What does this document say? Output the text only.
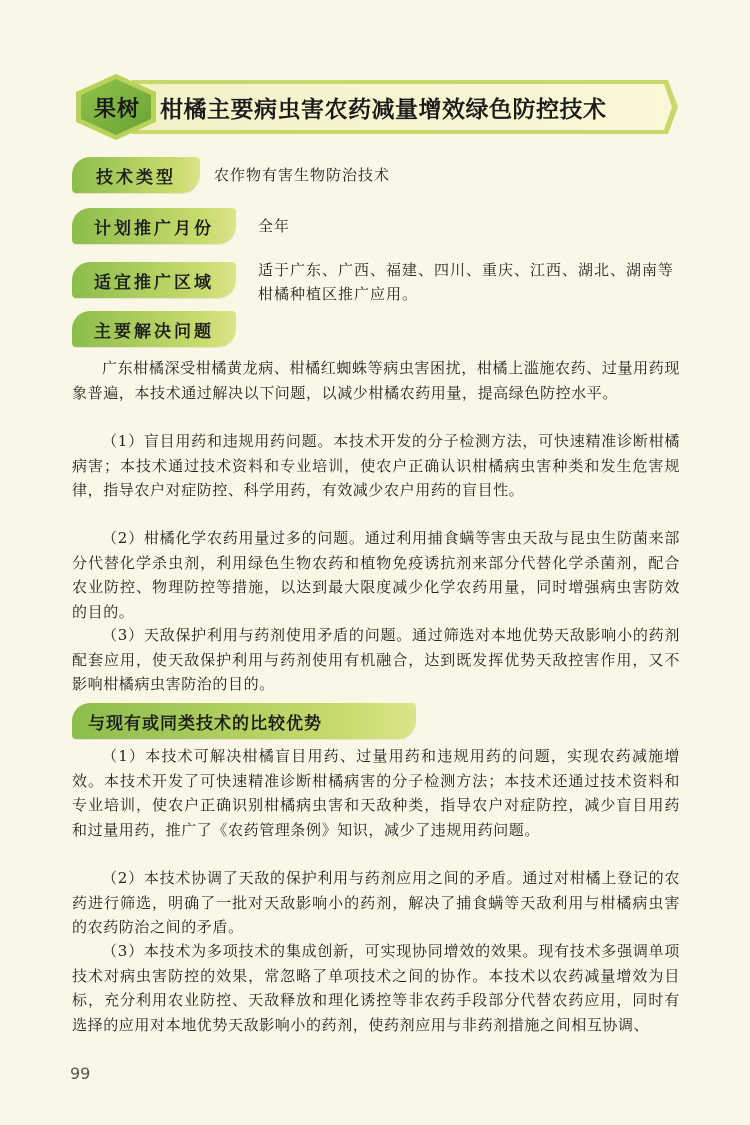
果树 柑橘主要病虫害农药减量增效绿色防控技术
技术类型	农作物有害生物防治技术
计划推广月份	全年
适宜推广区域
适于广东、广西、福建、四川、重庆、江西、湖北、湖南等柑橘种植区推广应用。
主要解决问题

广东柑橘深受柑橘黄龙病、柑橘红蜘蛛等病虫害困扰，柑橘上滥施农药、过量用药现象普遍，本技术通过解决以下问题，以减少柑橘农药用量，提高绿色防控水平。

（1）盲目用药和违规用药问题。本技术开发的分子检测方法，可快速精准诊断柑橘病害；本技术通过技术资料和专业培训，使农户正确认识柑橘病虫害种类和发生危害规律，指导农户对症防控、科学用药，有效减少农户用药的盲目性。

（2）柑橘化学农药用量过多的问题。通过利用捕食螨等害虫天敌与昆虫生防菌来部分代替化学杀虫剂，利用绿色生物农药和植物免疫诱抗剂来部分代替化学杀菌剂，配合农业防控、物理防控等措施，以达到最大限度减少化学农药用量，同时增强病虫害防效的目的。

（3）天敌保护利用与药剂使用矛盾的问题。通过筛选对本地优势天敌影响小的药剂配套应用，使天敌保护利用与药剂使用有机融合，达到既发挥优势天敌控害作用，又不影响柑橘病虫害防治的目的。

与现有或同类技术的比较优势

（1）本技术可解决柑橘盲目用药、过量用药和违规用药的问题，实现农药减施增效。本技术开发了可快速精准诊断柑橘病害的分子检测方法；本技术还通过技术资料和专业培训，使农户正确识别柑橘病虫害和天敌种类，指导农户对症防控，减少盲目用药和过量用药，推广了《农药管理条例》知识，减少了违规用药问题。

（2）本技术协调了天敌的保护利用与药剂应用之间的矛盾。通过对柑橘上登记的农药进行筛选，明确了一批对天敌影响小的药剂，解决了捕食螨等天敌利用与柑橘病虫害的农药防治之间的矛盾。

（3）本技术为多项技术的集成创新，可实现协同增效的效果。现有技术多强调单项技术对病虫害防控的效果，常忽略了单项技术之间的协作。本技术以农药减量增效为目标，充分利用农业防控、天敌释放和理化诱控等非农药手段部分代替农药应用，同时有选择的应用对本地优势天敌影响小的药剂，使药剂应用与非药剂措施之间相互协调、

99
